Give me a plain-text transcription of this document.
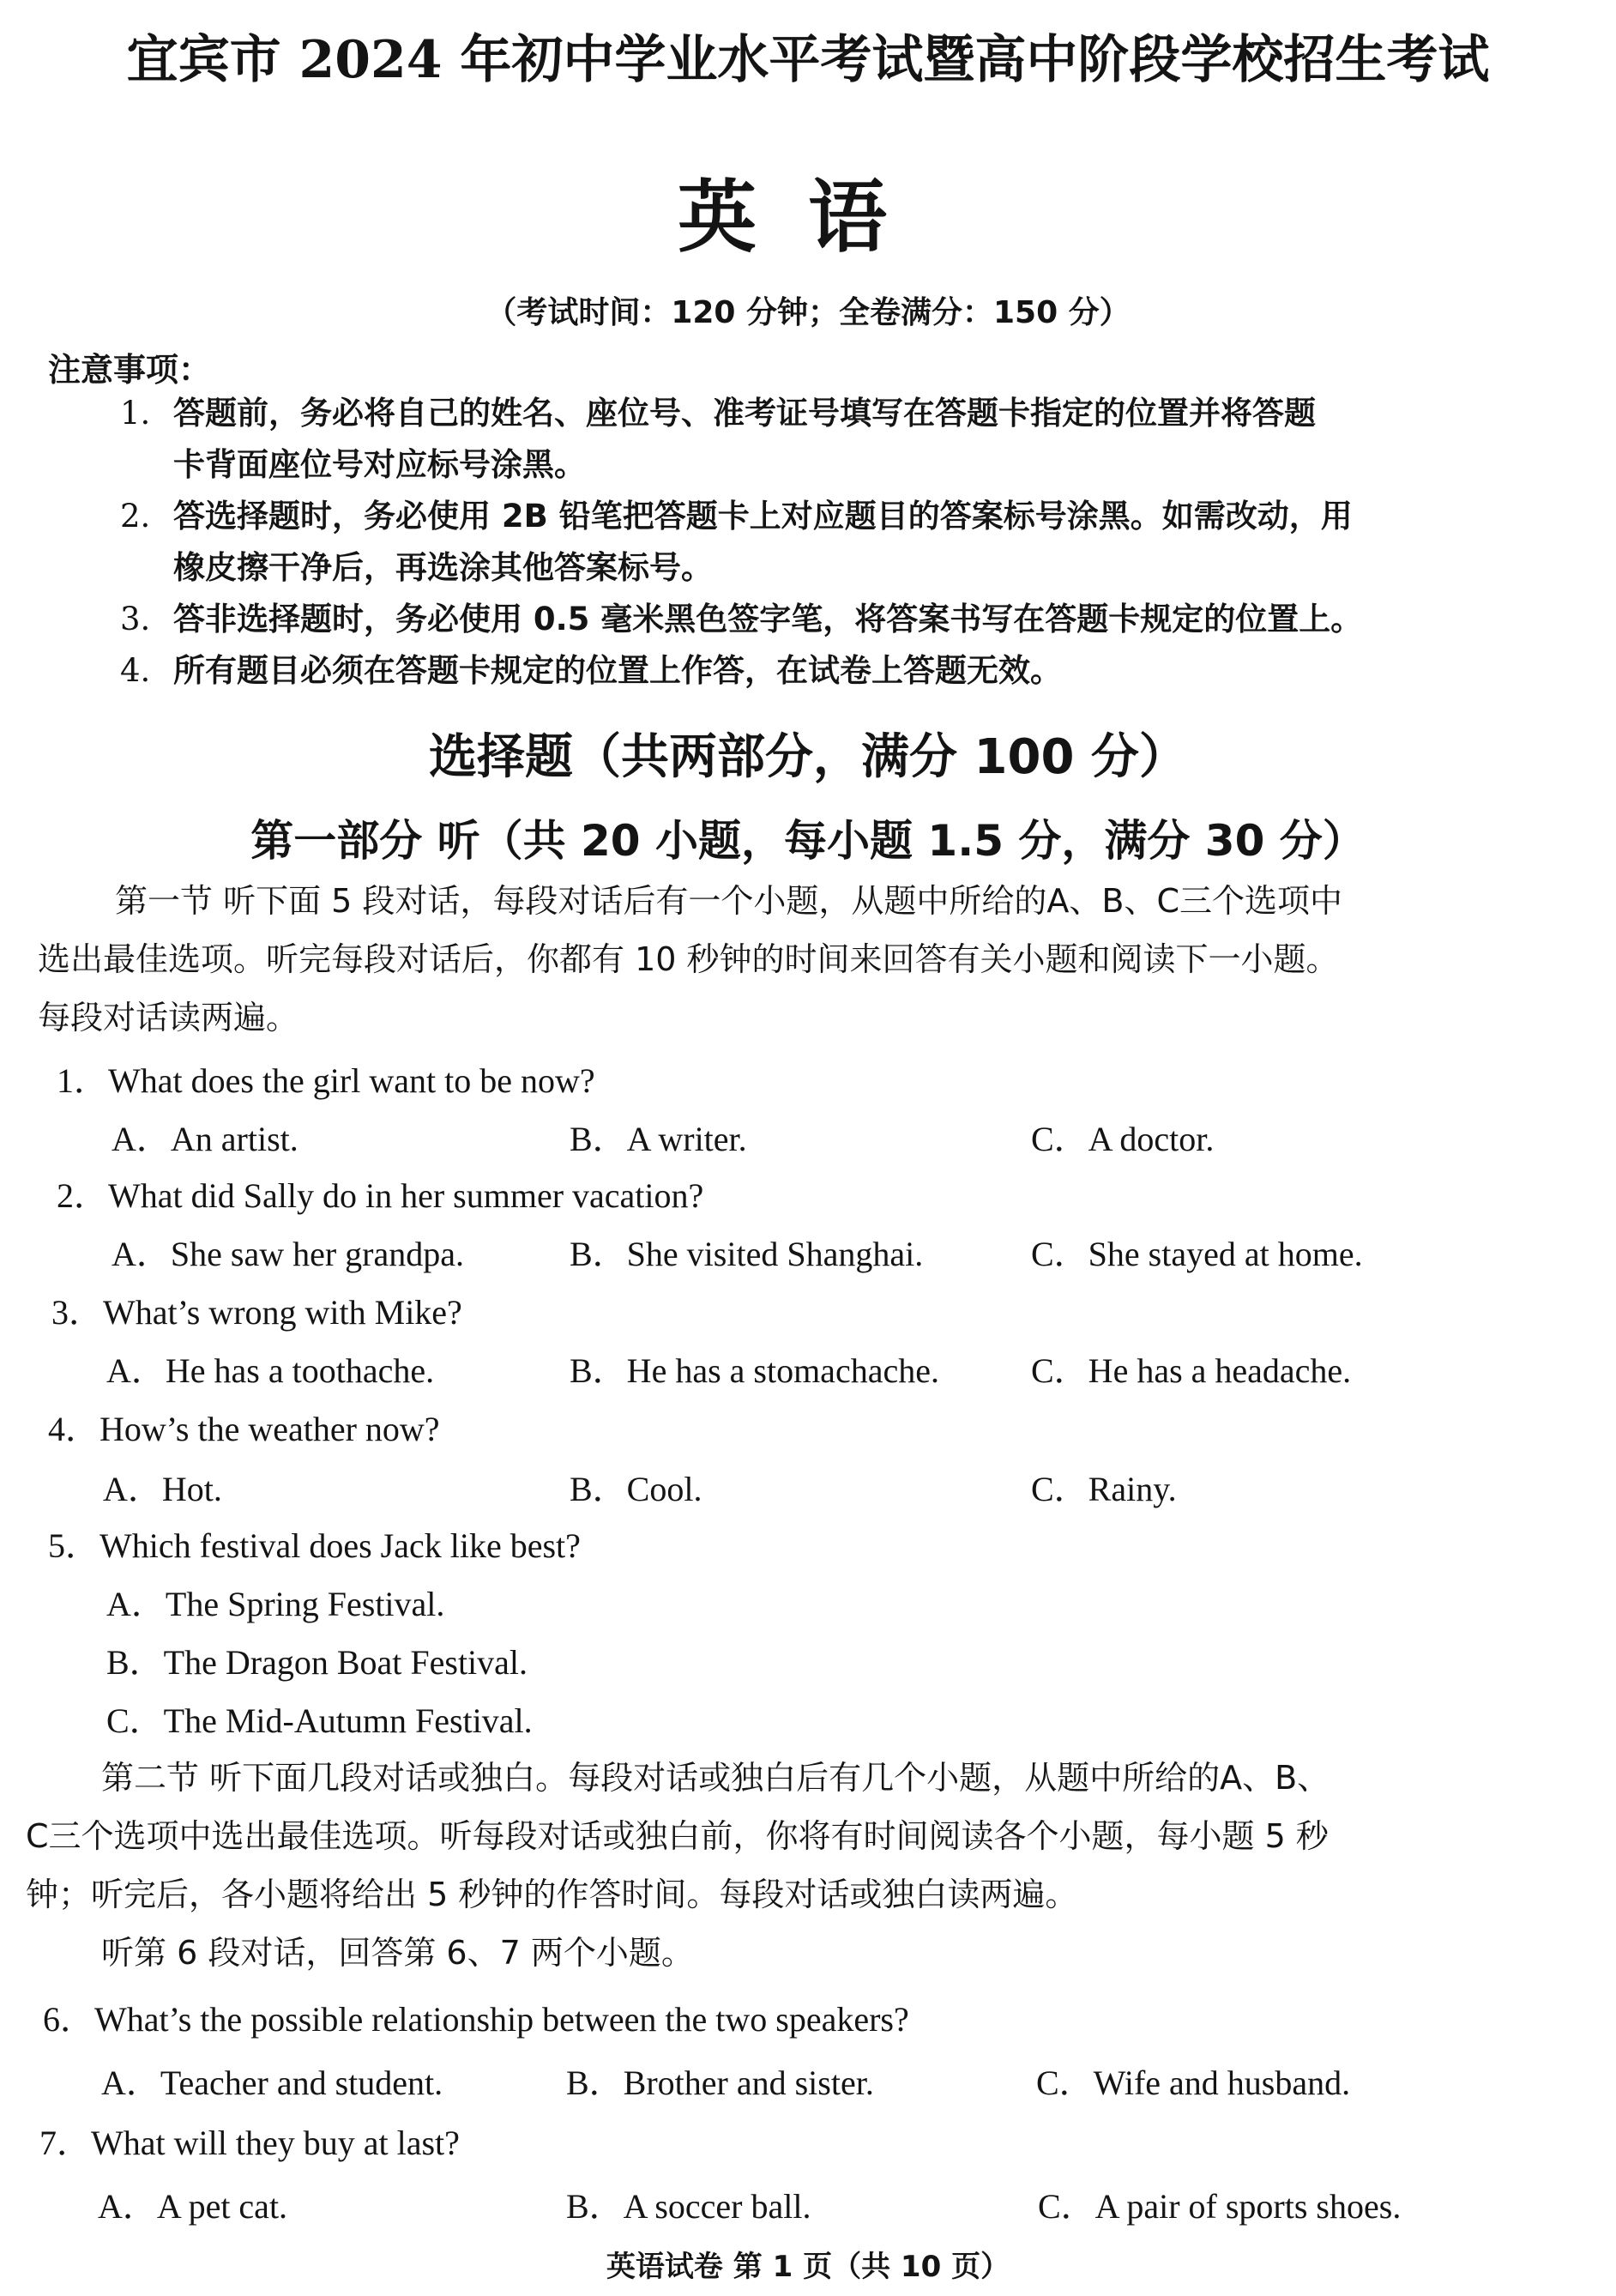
宜宾市 2024 年初中学业水平考试暨高中阶段学校招生考试
英语
（考试时间：120 分钟；全卷满分：150 分）
注意事项：
1. 答题前，务必将自己的姓名、座位号、准考证号填写在答题卡指定的位置并将答题
卡背面座位号对应标号涂黑。
2. 答选择题时，务必使用 2B 铅笔把答题卡上对应题目的答案标号涂黑。如需改动，用
橡皮擦干净后，再选涂其他答案标号。
3. 答非选择题时，务必使用 0.5 毫米黑色签字笔，将答案书写在答题卡规定的位置上。
4. 所有题目必须在答题卡规定的位置上作答，在试卷上答题无效。
选择题（共两部分，满分 100 分）
第一部分 听（共 20 小题，每小题 1.5 分，满分 30 分）
第一节 听下面 5 段对话，每段对话后有一个小题，从题中所给的A、B、C三个选项中
选出最佳选项。听完每段对话后，你都有 10 秒钟的时间来回答有关小题和阅读下一小题。
每段对话读两遍。
1．What does the girl want to be now?
A．An artist.	B．A writer.	C．A doctor.
2．What did Sally do in her summer vacation?
A．She saw her grandpa.	B．She visited Shanghai.	C．She stayed at home.
3．What’s wrong with Mike?
A．He has a toothache.	B．He has a stomachache.	C．He has a headache.
4．How’s the weather now?
A．Hot.	B．Cool.	C．Rainy.
5．Which festival does Jack like best?
A．The Spring Festival.
B．The Dragon Boat Festival.
C．The Mid-Autumn Festival.
第二节 听下面几段对话或独白。每段对话或独白后有几个小题，从题中所给的A、B、
C三个选项中选出最佳选项。听每段对话或独白前，你将有时间阅读各个小题，每小题 5 秒
钟；听完后，各小题将给出 5 秒钟的作答时间。每段对话或独白读两遍。
听第 6 段对话，回答第 6、7 两个小题。
6．What’s the possible relationship between the two speakers?
A．Teacher and student.	B．Brother and sister.	C．Wife and husband.
7．What will they buy at last?
A．A pet cat.	B．A soccer ball.	C．A pair of sports shoes.
英语试卷 第 1 页（共 10 页）
